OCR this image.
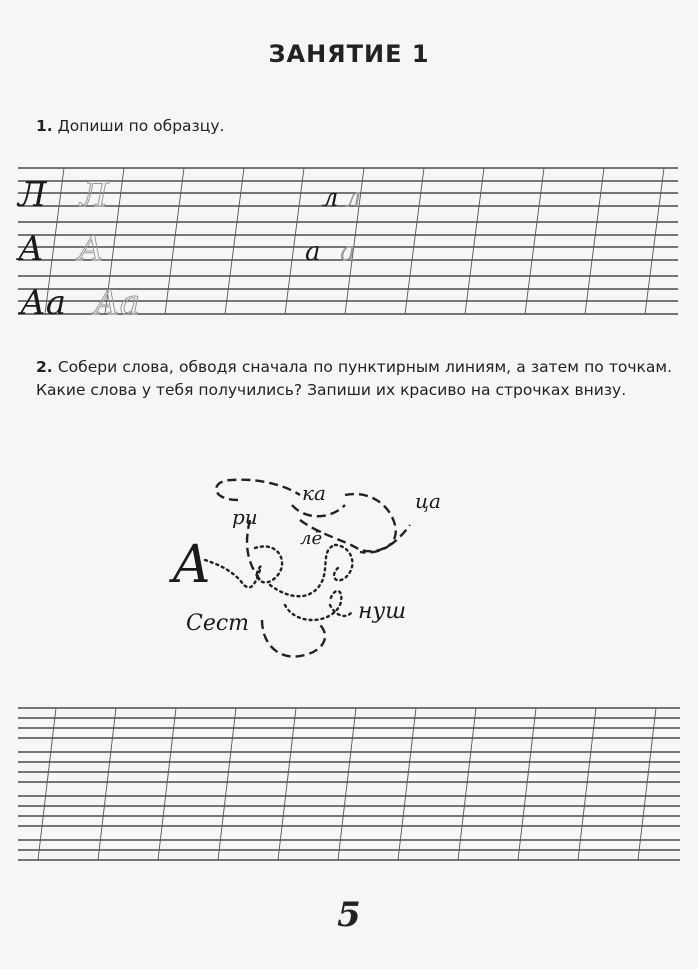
ЗАНЯТИЕ 1
1. Допиши по образцу.
Л Л	л л
А А	а а
Аа Аа
2. Собери слова, обводя сначала по пунктирным линиям, а затем по точкам. Какие слова у тебя получились? Запиши их красиво на строчках внизу.
А
ри
ка	ца
лё
Сест	нуш
5
